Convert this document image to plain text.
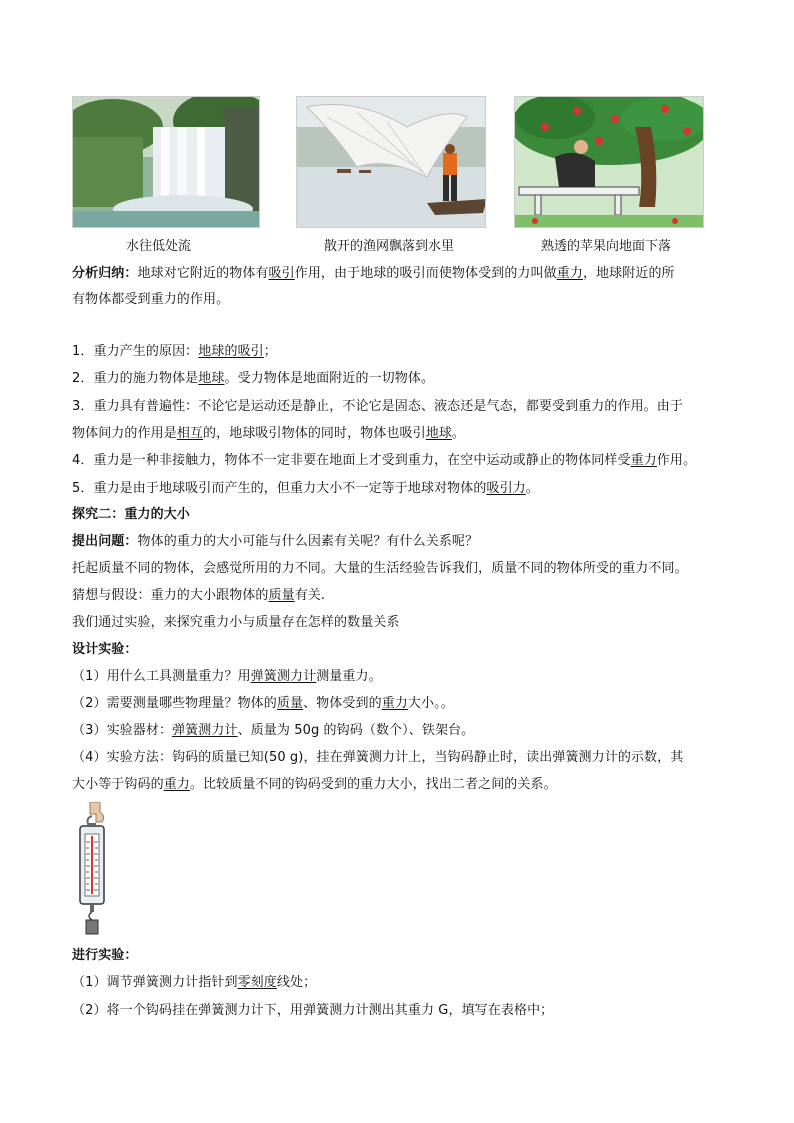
水往低处流	散开的渔网飘落到水里	熟透的苹果向地面下落
分析归纳：地球对它附近的物体有吸引作用，由于地球的吸引而使物体受到的力叫做重力，地球附近的所
有物体都受到重力的作用。
1．重力产生的原因：地球的吸引；
2．重力的施力物体是地球。受力物体是地面附近的一切物体。
3．重力具有普遍性：不论它是运动还是静止，不论它是固态、液态还是气态，都要受到重力的作用。由于
物体间力的作用是相互的，地球吸引物体的同时，物体也吸引地球。
4．重力是一种非接触力，物体不一定非要在地面上才受到重力，在空中运动或静止的物体同样受重力作用。
5．重力是由于地球吸引而产生的，但重力大小不一定等于地球对物体的吸引力。
探究二：重力的大小
提出问题：物体的重力的大小可能与什么因素有关呢？有什么关系呢？
托起质量不同的物体，会感觉所用的力不同。大量的生活经验告诉我们，质量不同的物体所受的重力不同。
猜想与假设：重力的大小跟物体的质量有关.
我们通过实验，来探究重力小与质量存在怎样的数量关系
设计实验：
（1）用什么工具测量重力？用弹簧测力计测量重力。
（2）需要测量哪些物理量？物体的质量、物体受到的重力大小。。
（3）实验器材：弹簧测力计、质量为 50g 的钩码（数个）、铁架台。
（4）实验方法：钩码的质量已知(50 g)，挂在弹簧测力计上，当钩码静止时，读出弹簧测力计的示数，其
大小等于钩码的重力。比较质量不同的钩码受到的重力大小，找出二者之间的关系。
进行实验：
（1）调节弹簧测力计指针到零刻度线处；
（2）将一个钩码挂在弹簧测力计下，用弹簧测力计测出其重力 G，填写在表格中；
